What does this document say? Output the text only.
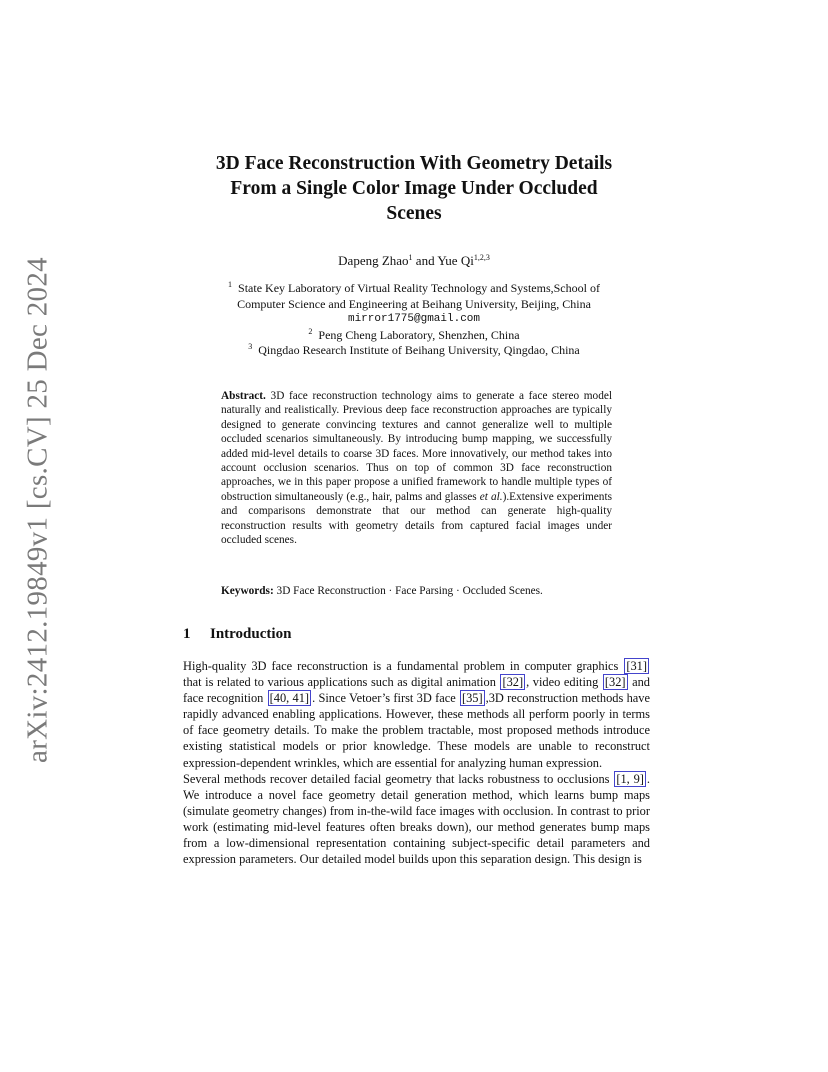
arXiv:2412.19849v1 [cs.CV] 25 Dec 2024
3D Face Reconstruction With Geometry Details
From a Single Color Image Under Occluded
Scenes
Dapeng Zhao$^1$ and Yue Qi$^{1,2,3}$
$^1$ State Key Laboratory of Virtual Reality Technology and Systems,School of
Computer Science and Engineering at Beihang University, Beijing, China
mirror1775@gmail.com
$^2$ Peng Cheng Laboratory, Shenzhen, China
$^3$ Qingdao Research Institute of Beihang University, Qingdao, China
Abstract. 3D face reconstruction technology aims to generate a face stereo model naturally and realistically. Previous deep face reconstruction approaches are typically designed to generate convincing textures and cannot generalize well to multiple occluded scenarios simultaneously. By introducing bump mapping, we successfully added mid-level details to coarse 3D faces. More innovatively, our method takes into account occlusion scenarios. Thus on top of common 3D face reconstruction approaches, we in this paper propose a unified framework to handle multiple types of obstruction simultaneously (e.g., hair, palms and glasses et al.).Extensive experiments and comparisons demonstrate that our method can generate high-quality reconstruction results with geometry details from captured facial images under occluded scenes.
Keywords: 3D Face Reconstruction · Face Parsing · Occluded Scenes.
1 Introduction

High-quality 3D face reconstruction is a fundamental problem in computer graphics [31] that is related to various applications such as digital animation [32] , video editing [32] and face recognition [40, 41] . Since Vetoer’s first 3D face [35] ,3D reconstruction methods have rapidly advanced enabling applications. However, these methods all perform poorly in terms of face geometry details. To make the problem tractable, most proposed methods introduce existing statistical models or prior knowledge. These models are unable to reconstruct expression-dependent wrinkles, which are essential for analyzing human expression.

Several methods recover detailed facial geometry that lacks robustness to occlusions [1, 9] . We introduce a novel face geometry detail generation method, which learns bump maps (simulate geometry changes) from in-the-wild face images with occlusion. In contrast to prior work (estimating mid-level features often breaks down), our method generates bump maps from a low-dimensional representation containing subject-specific detail parameters and expression parameters. Our detailed model builds upon this separation design. This design is
